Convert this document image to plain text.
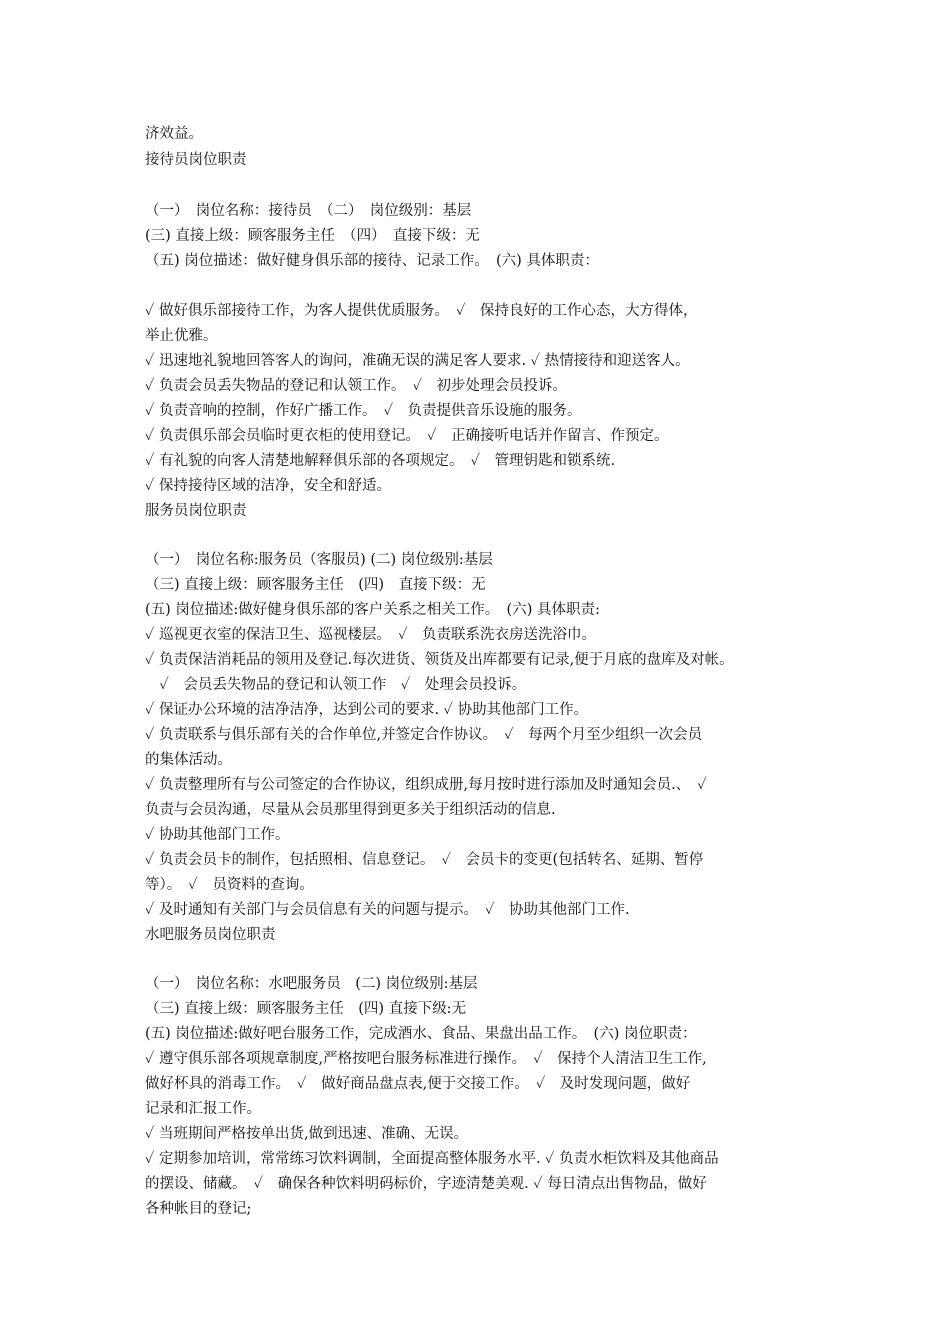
济效益。

接待员岗位职责

（一）　岗位名称：接待员　（二）　岗位级别：基层

(三) 直接上级：顾客服务主任　（四）　直接下级：无

（五) 岗位描述：做好健身俱乐部的接待、记录工作。　(六) 具体职责：

✓ 做好俱乐部接待工作，为客人提供优质服务。　✓　保持良好的工作心态，大方得体，

举止优雅。

✓ 迅速地礼貌地回答客人的询问，准确无误的满足客人要求. ✓ 热情接待和迎送客人。

✓ 负责会员丢失物品的登记和认领工作。　✓　初步处理会员投诉。

✓ 负责音响的控制，作好广播工作。　✓　负责提供音乐设施的服务。

✓ 负责俱乐部会员临时更衣柜的使用登记。　✓　正确接听电话并作留言、作预定。

✓ 有礼貌的向客人清楚地解释俱乐部的各项规定。　✓　管理钥匙和锁系统.

✓ 保持接待区域的洁净，安全和舒适。

服务员岗位职责

（一）　岗位名称:服务员（客服员) (二) 岗位级别:基层

（三) 直接上级：顾客服务主任　(四)　直接下级：无

(五) 岗位描述:做好健身俱乐部的客户关系之相关工作。　(六) 具体职责:

✓ 巡视更衣室的保洁卫生、巡视楼层。　✓　负责联系洗衣房送洗浴巾。

✓ 负责保洁消耗品的领用及登记.每次进货、领货及出库都要有记录,便于月底的盘库及对帐。

　✓　会员丢失物品的登记和认领工作　✓　处理会员投诉。

✓ 保证办公环境的洁净洁净，达到公司的要求. ✓ 协助其他部门工作。

✓ 负责联系与俱乐部有关的合作单位,并签定合作协议。　✓　每两个月至少组织一次会员

的集体活动。

✓ 负责整理所有与公司签定的合作协议，组织成册,每月按时进行添加及时通知会员.、　✓

负责与会员沟通，尽量从会员那里得到更多关于组织活动的信息.

✓ 协助其他部门工作。

✓ 负责会员卡的制作，包括照相、信息登记。　✓　会员卡的变更(包括转名、延期、暂停

等）。　✓　员资料的查询。

✓ 及时通知有关部门与会员信息有关的问题与提示。　✓　协助其他部门工作.

水吧服务员岗位职责

（一）　岗位名称：水吧服务员　(二) 岗位级别:基层

（三) 直接上级：顾客服务主任　(四) 直接下级:无

(五) 岗位描述:做好吧台服务工作，完成酒水、食品、果盘出品工作。　(六) 岗位职责：

✓ 遵守俱乐部各项规章制度,严格按吧台服务标准进行操作。　✓　保持个人清洁卫生工作,

做好杯具的消毒工作。　✓　做好商品盘点表,便于交接工作。　✓　及时发现问题，做好

记录和汇报工作。

✓ 当班期间严格按单出货,做到迅速、准确、无误。

✓ 定期参加培训，常常练习饮料调制，全面提高整体服务水平. ✓ 负责水柜饮料及其他商品

的摆设、储藏。　✓　确保各种饮料明码标价，字迹清楚美观. ✓ 每日清点出售物品，做好

各种帐目的登记;
